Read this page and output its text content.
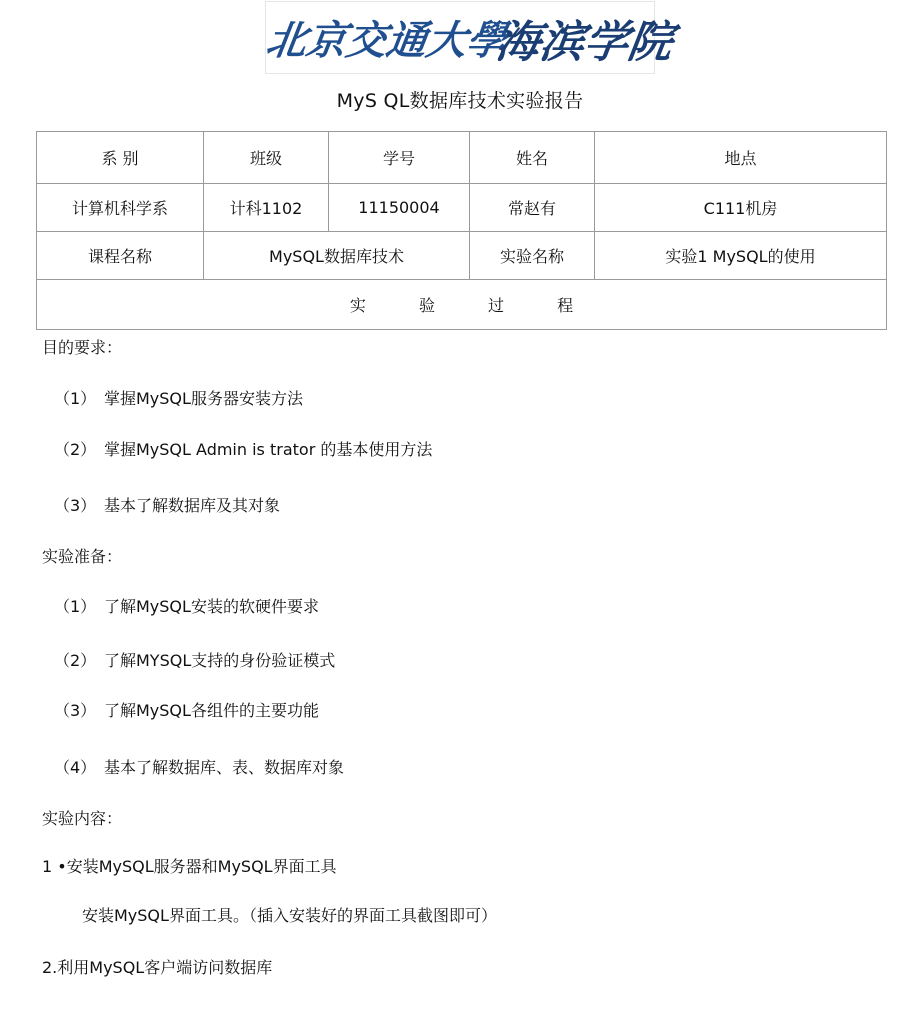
北京交通大學
海滨学院
MyS QL数据库技术实验报告
系 别	班级	学号	姓名	地点
计算机科学系	计科1102	11150004	常赵有	C111机房
课程名称	MySQL数据库技术		实验名称	实验1 MySQL的使用
实 验 过 程				
目的要求：
（1） 掌握MySQL服务器安装方法
（2） 掌握MySQL Admin is trator 的基本使用方法
（3） 基本了解数据库及其对象
实验准备：
（1） 了解MySQL安装的软硬件要求
（2） 了解MYSQL支持的身份验证模式
（3） 了解MySQL各组件的主要功能
（4） 基本了解数据库、表、数据库对象
实验内容：
1 •安装MySQL服务器和MySQL界面工具
安装MySQL界面工具。（插入安装好的界面工具截图即可）
2.利用MySQL客户端访问数据库
